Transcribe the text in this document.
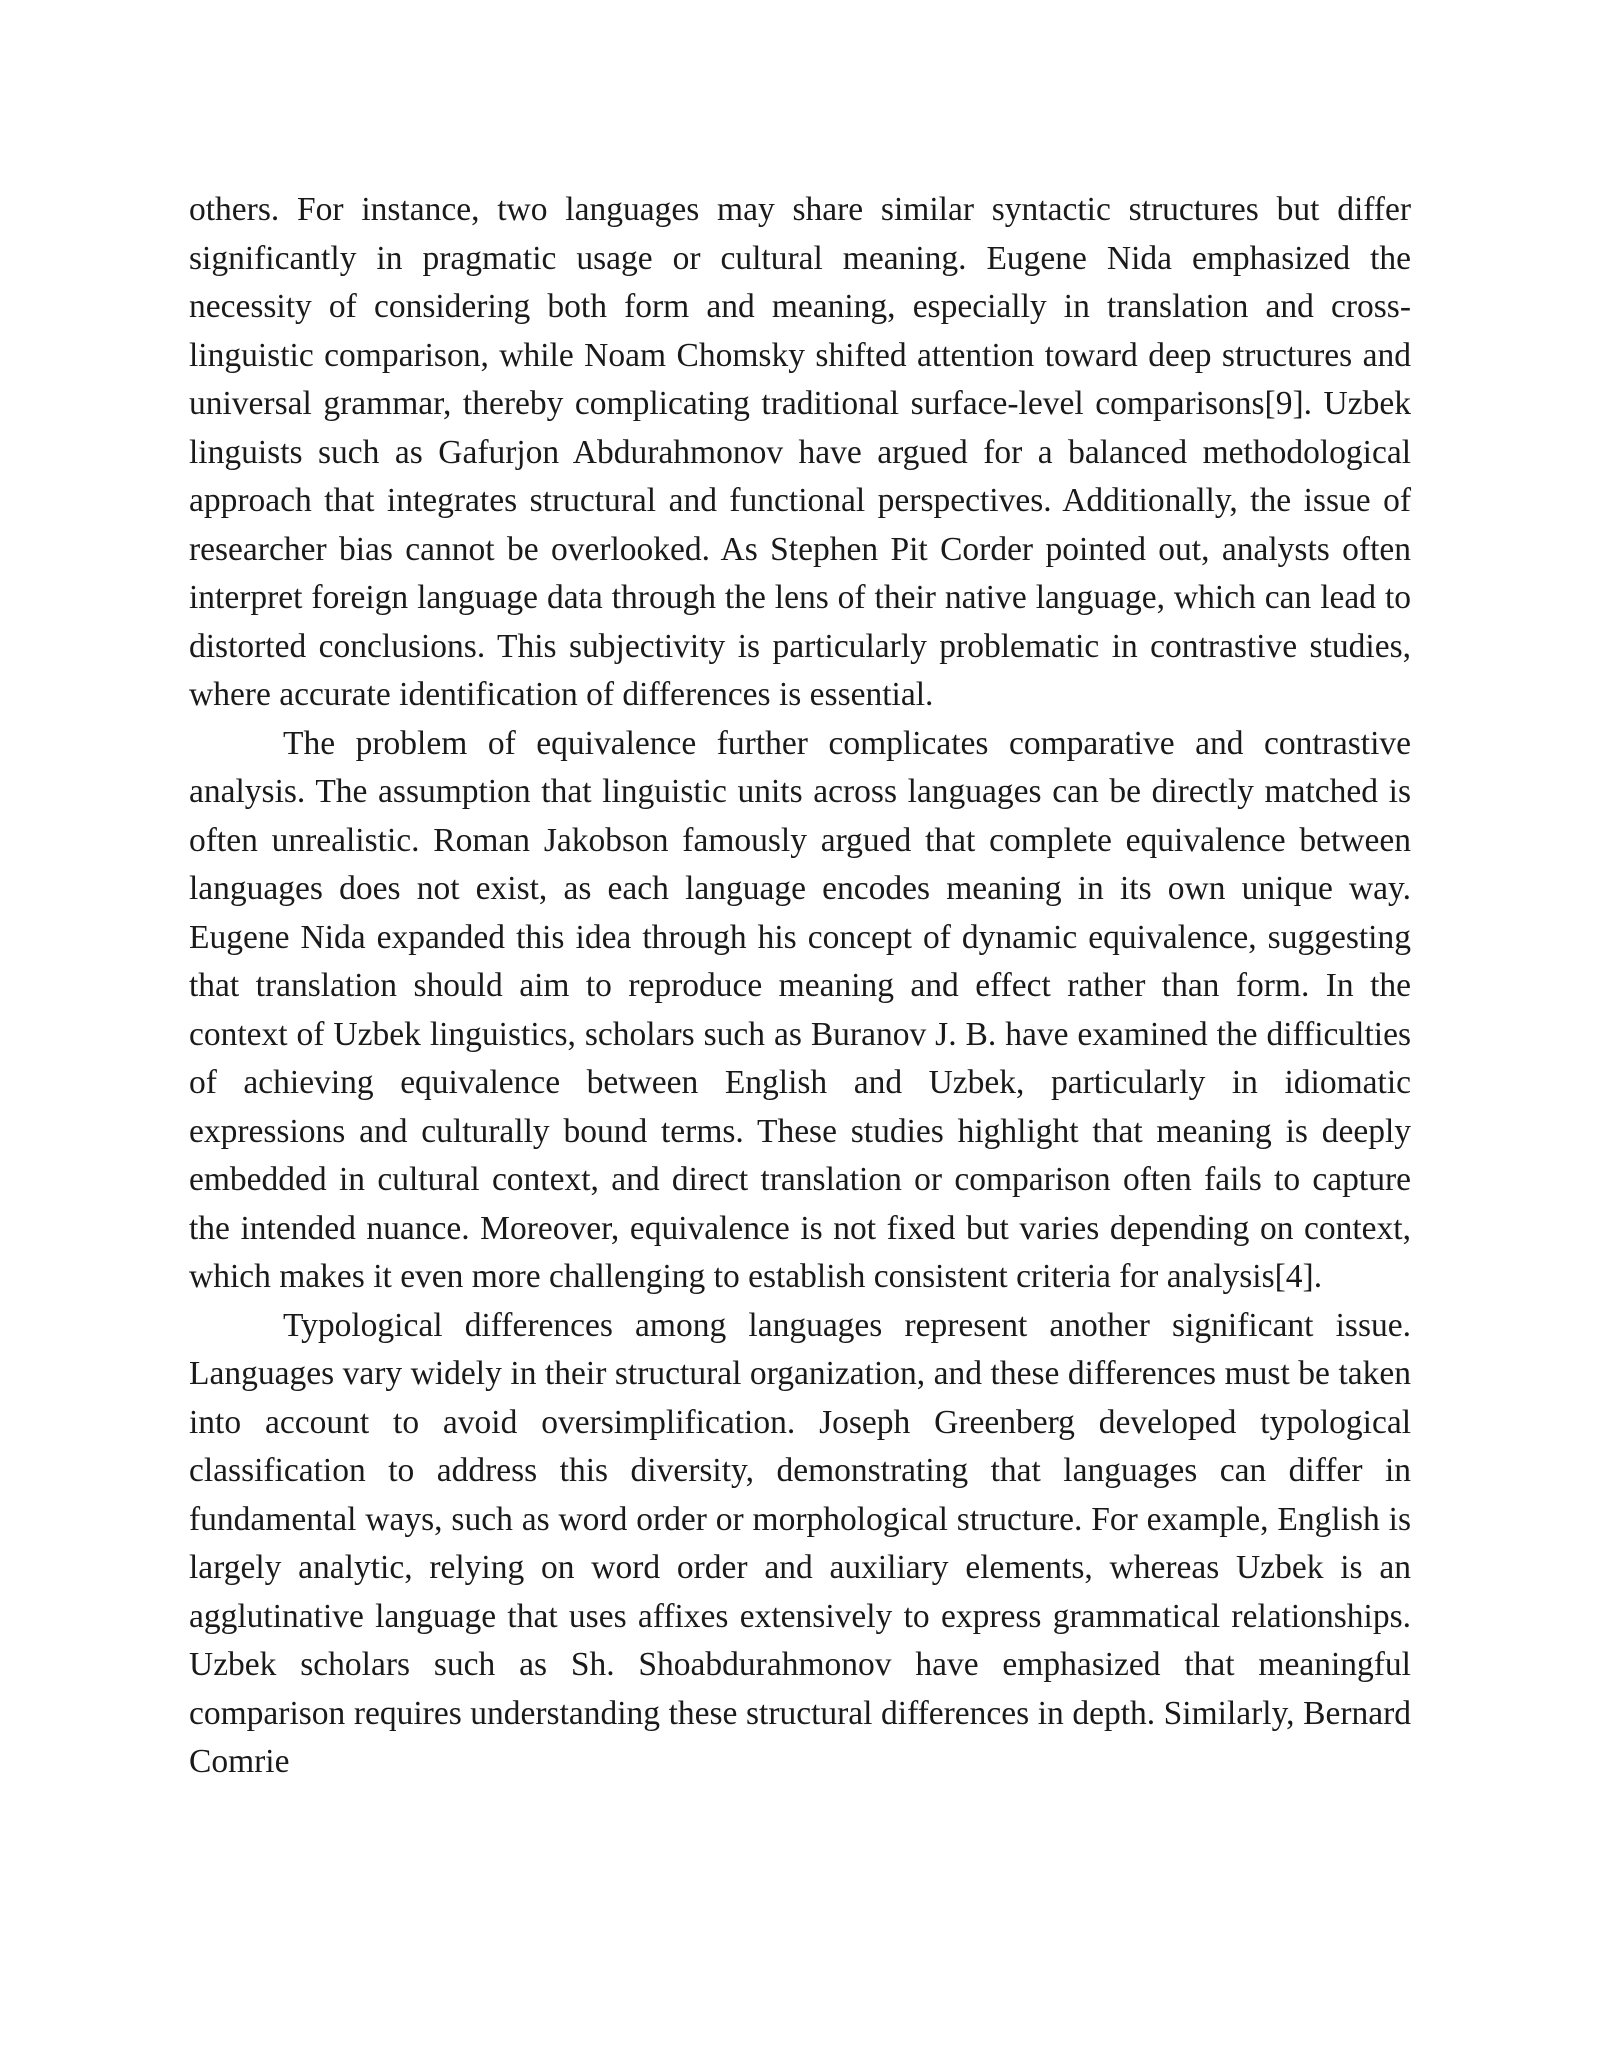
others. For instance, two languages may share similar syntactic structures but differ significantly in pragmatic usage or cultural meaning. Eugene Nida emphasized the necessity of considering both form and meaning, especially in translation and cross-linguistic comparison, while Noam Chomsky shifted attention toward deep structures and universal grammar, thereby complicating traditional surface-level comparisons[9]. Uzbek linguists such as Gafurjon Abdurahmonov have argued for a balanced methodological approach that integrates structural and functional perspectives. Additionally, the issue of researcher bias cannot be overlooked. As Stephen Pit Corder pointed out, analysts often interpret foreign language data through the lens of their native language, which can lead to distorted conclusions. This subjectivity is particularly problematic in contrastive studies, where accurate identification of differences is essential.

The problem of equivalence further complicates comparative and contrastive analysis. The assumption that linguistic units across languages can be directly matched is often unrealistic. Roman Jakobson famously argued that complete equivalence between languages does not exist, as each language encodes meaning in its own unique way. Eugene Nida expanded this idea through his concept of dynamic equivalence, suggesting that translation should aim to reproduce meaning and effect rather than form. In the context of Uzbek linguistics, scholars such as Buranov J. B. have examined the difficulties of achieving equivalence between English and Uzbek, particularly in idiomatic expressions and culturally bound terms. These studies highlight that meaning is deeply embedded in cultural context, and direct translation or comparison often fails to capture the intended nuance. Moreover, equivalence is not fixed but varies depending on context, which makes it even more challenging to establish consistent criteria for analysis[4].

Typological differences among languages represent another significant issue. Languages vary widely in their structural organization, and these differences must be taken into account to avoid oversimplification. Joseph Greenberg developed typological classification to address this diversity, demonstrating that languages can differ in fundamental ways, such as word order or morphological structure. For example, English is largely analytic, relying on word order and auxiliary elements, whereas Uzbek is an agglutinative language that uses affixes extensively to express grammatical relationships. Uzbek scholars such as Sh. Shoabdurahmonov have emphasized that meaningful comparison requires understanding these structural differences in depth. Similarly, Bernard Comrie
